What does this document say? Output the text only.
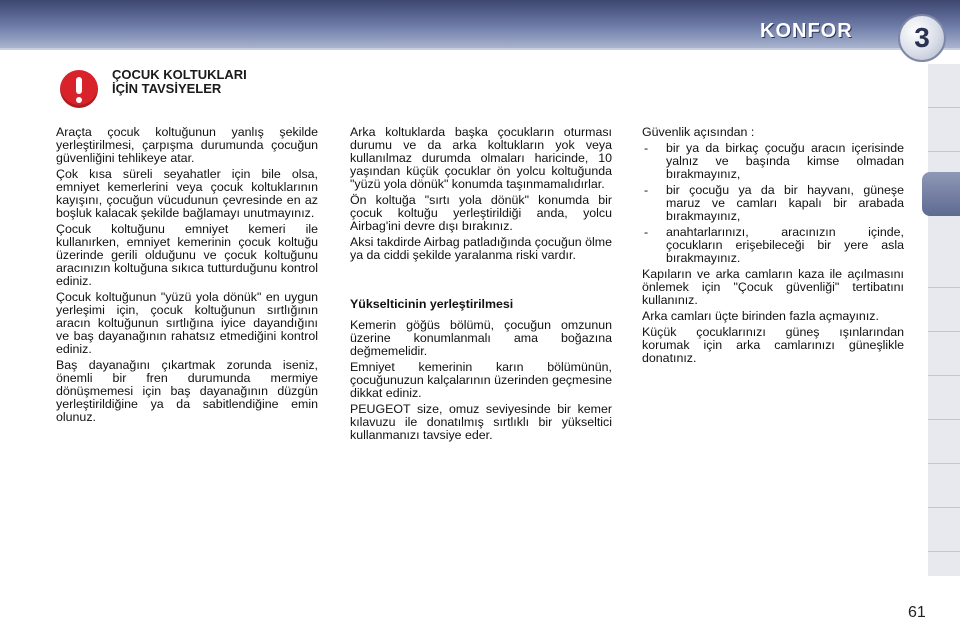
KONFOR	3
ÇOCUK KOLTUKLARI
İÇİN TAVSİYELER

Araçta çocuk koltuğunun yanlış şekilde yerleştirilmesi, çarpışma durumunda çocuğun güvenliğini tehlikeye atar.

Çok kısa süreli seyahatler için bile olsa, emniyet kemerlerini veya çocuk koltuklarının kayışını, çocuğun vücudunun çevresinde en az boşluk kalacak şekilde bağlamayı unutmayınız.

Çocuk koltuğunu emniyet kemeri ile kullanırken, emniyet kemerinin çocuk koltuğu üzerinde gerili olduğunu ve çocuk koltuğunu aracınızın koltuğuna sıkıca tutturduğunu kontrol ediniz.

Çocuk koltuğunun "yüzü yola dönük" en uygun yerleşimi için, çocuk koltuğunun sırtlığının aracın koltuğunun sırtlığına iyice dayandığını ve baş dayanağının rahatsız etmediğini kontrol ediniz.

Baş dayanağını çıkartmak zorunda iseniz, önemli bir fren durumunda mermiye dönüşmemesi için baş dayanağının düzgün yerleştirildiğine ya da sabitlendiğine emin olunuz.

Arka koltuklarda başka çocukların oturması durumu ve da arka koltukların yok veya kullanılmaz durumda olmaları haricinde, 10 yaşından küçük çocuklar ön yolcu koltuğunda "yüzü yola dönük" konumda taşınmamalıdırlar.

Ön koltuğa "sırtı yola dönük" konumda bir çocuk koltuğu yerleştirildiği anda, yolcu Airbag'ini devre dışı bırakınız.

Aksi takdirde Airbag patladığında çocuğun ölme ya da ciddi şekilde yaralanma riski vardır.

Yükselticinin yerleştirilmesi

Kemerin göğüs bölümü, çocuğun omzunun üzerine konumlanmalı ama boğazına değmemelidir.

Emniyet kemerinin karın bölümünün, çocuğunuzun kalçalarının üzerinden geçmesine dikkat ediniz.

PEUGEOT size, omuz seviyesinde bir kemer kılavuzu ile donatılmış sırtlıklı bir yükseltici kullanmanızı tavsiye eder.

Güvenlik açısından :

- bir ya da birkaç çocuğu aracın içerisinde yalnız ve başında kimse olmadan bırakmayınız,
- bir çocuğu ya da bir hayvanı, güneşe maruz ve camları kapalı bir arabada bırakmayınız,
- anahtarlarınızı, aracınızın içinde, çocukların erişebileceği bir yere asla bırakmayınız.

Kapıların ve arka camların kaza ile açılmasını önlemek için "Çocuk güvenliği" tertibatını kullanınız.

Arka camları üçte birinden fazla açmayınız.

Küçük çocuklarınızı güneş ışınlarından korumak için arka camlarınızı güneşlikle donatınız.

61
